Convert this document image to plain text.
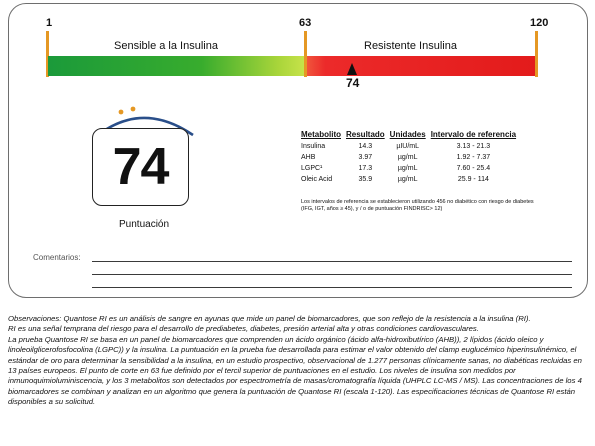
1	63	120
Sensible a la Insulina	Resistente Insulina
74
74
Puntuación
Metabolito	Resultado	Unidades	Intervalo de referencia
Insulina	14.3	µIU/mL	3.13 - 21.3
AHB	3.97	µg/mL	1.92 - 7.37
LGPC¹	17.3	µg/mL	7.60 - 25.4
Oleic Acid	35.9	µg/mL	25.9 - 114

Los intervalos de referencia se establecieron utilizando 456 no diabético con riesgo de diabetes (IFG, IGT, años ≥ 45), y / o de puntuación FINDRISC> 12)

Comentarios:

Observaciones: Quantose RI es un análisis de sangre en ayunas que mide un panel de biomarcadores, que son reflejo de la resistencia a la insulina (RI).

RI es una señal temprana del riesgo para el desarrollo de prediabetes, diabetes, presión arterial alta y otras condiciones cardiovasculares.

La prueba Quantose RI se basa en un panel de biomarcadores que comprenden un ácido orgánico (ácido alfa-hidroxibutírico (AHB)), 2 lípidos (ácido oleico y linoleoilglicerofosfocolina (LGPC)) y la insulina. La puntuación en la prueba fue desarrollada para estimar el valor obtenido del clamp euglucémico hiperinsulinémico, el estándar de oro para determinar la sensibilidad a la insulina, en un estudio prospectivo, observacional de 1.277 personas clínicamente sanas, no diabéticas recluidas en 13 países europeos. El punto de corte en 63 fue definido por el tercil superior de puntuaciones en el estudio. Los niveles de insulina son medidos por inmunoquimioluminiscencia, y los 3 metabolitos son detectados por espectrometría de masas/cromatografía líquida (UHPLC LC-MS / MS). Las concentraciones de los 4 biomarcadores se combinan y analizan en un algoritmo que genera la puntuación de Quantose RI (escala 1-120). Las especificaciones técnicas de Quantose RI están disponibles a su solicitud.
